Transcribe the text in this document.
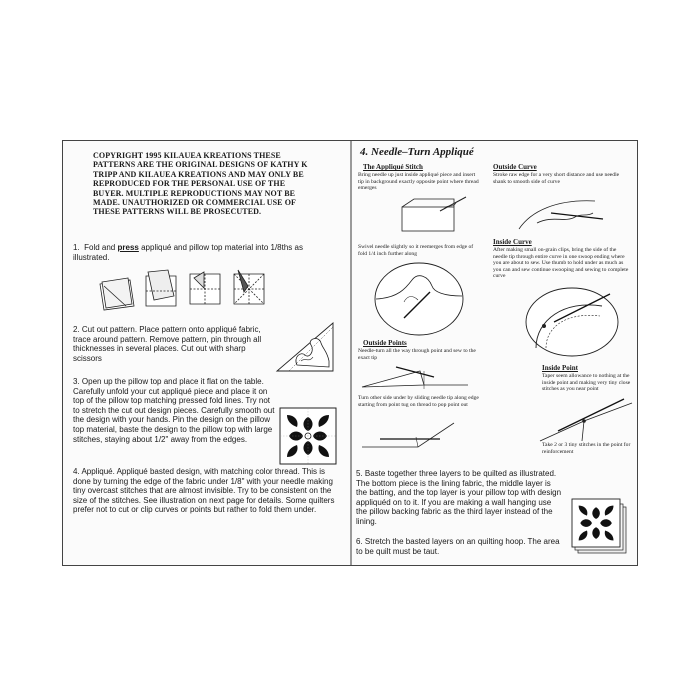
COPYRIGHT 1995 KILAUEA KREATIONS THESE PATTERNS ARE THE ORIGINAL DESIGNS OF KATHY K TRIPP AND KILAUEA KREATIONS AND MAY ONLY BE REPRODUCED FOR THE PERSONAL USE OF THE BUYER. MULTIPLE REPRODUCTIONS MAY NOT BE MADE. UNAUTHORIZED OR COMMERCIAL USE OF THESE PATTERNS WILL BE PROSECUTED.
1. Fold and press appliqué and pillow top material into 1/8ths as illustrated.
2. Cut out pattern. Place pattern onto appliqué fabric, trace around pattern. Remove pattern, pin through all thicknesses in several places. Cut out with sharp scissors
3. Open up the pillow top and place it flat on the table. Carefully unfold your cut appliqué piece and place it on top of the pillow top matching pressed fold lines. Try not to stretch the cut out design pieces. Carefully smooth out the design with your hands. Pin the design on the pillow top material, baste the design to the pillow top with large stitches, staying about 1/2" away from the edges.
4. Appliqué. Appliqué basted design, with matching color thread. This is done by turning the edge of the fabric under 1/8" with your needle making tiny overcast stitches that are almost invisible. Try to be consistent on the size of the stitches. See illustration on next page for details. Some quilters prefer not to cut or clip curves or points but rather to fold them under.
4. Needle–Turn Appliqué
The Appliqué Stitch
Bring needle up just inside appliqué piece and insert tip in background exactly opposite point where thread emerges
Swivel needle slightly so it reemerges from edge of fold 1/4 inch further along
Outside Points
Needle-turn all the way through point and sew to the exact tip
Turn other side under by sliding needle tip along edge starting from point tug on thread to pop point out
Outside Curve
Stroke raw edge for a very short distance and use needle shank to smooth side of curve
Inside Curve
After making small on-grain clips, bring the side of the needle tip through entire curve in one swoop ending where you are about to sew. Use thumb to hold under as much as you can and sew continue swooping and sewing to complete curve
Inside Point
Taper seem allowance to nothing at the inside point and making very tiny close stitches as you near point
Take 2 or 3 tiny stitches in the point for reinforcement
5. Baste together three layers to be quilted as illustrated. The bottom piece is the lining fabric, the middle layer is the batting, and the top layer is your pillow top with design appliquéd on to it. If you are making a wall hanging use the pillow backing fabric as the third layer instead of the lining.
6. Stretch the basted layers on an quilting hoop. The area to be quilt must be taut.
